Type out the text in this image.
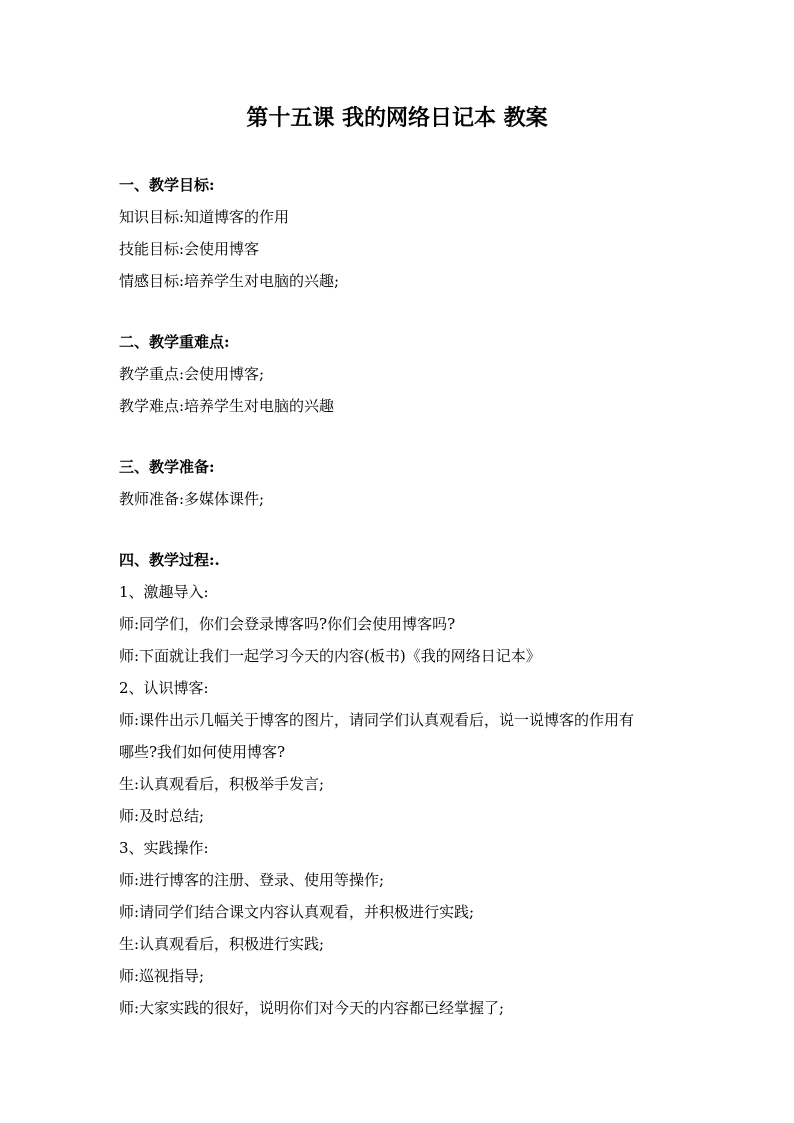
第十五课 我的网络日记本 教案

一、教学目标:

知识目标:知道博客的作用

技能目标:会使用博客

情感目标:培养学生对电脑的兴趣;

二、教学重难点:

教学重点:会使用博客;

教学难点:培养学生对电脑的兴趣

三、教学准备:

教师准备:多媒体课件;

四、教学过程:.

1、激趣导入:

师:同学们，你们会登录博客吗?你们会使用博客吗?

师:下面就让我们一起学习今天的内容(板书)《我的网络日记本》

2、认识博客:

师:课件出示几幅关于博客的图片，请同学们认真观看后，说一说博客的作用有

哪些?我们如何使用博客?

生:认真观看后，积极举手发言;

师:及时总结;

3、实践操作:

师:进行博客的注册、登录、使用等操作;

师:请同学们结合课文内容认真观看，并积极进行实践;

生:认真观看后，积极进行实践;

师:巡视指导;

师:大家实践的很好，说明你们对今天的内容都已经掌握了;
